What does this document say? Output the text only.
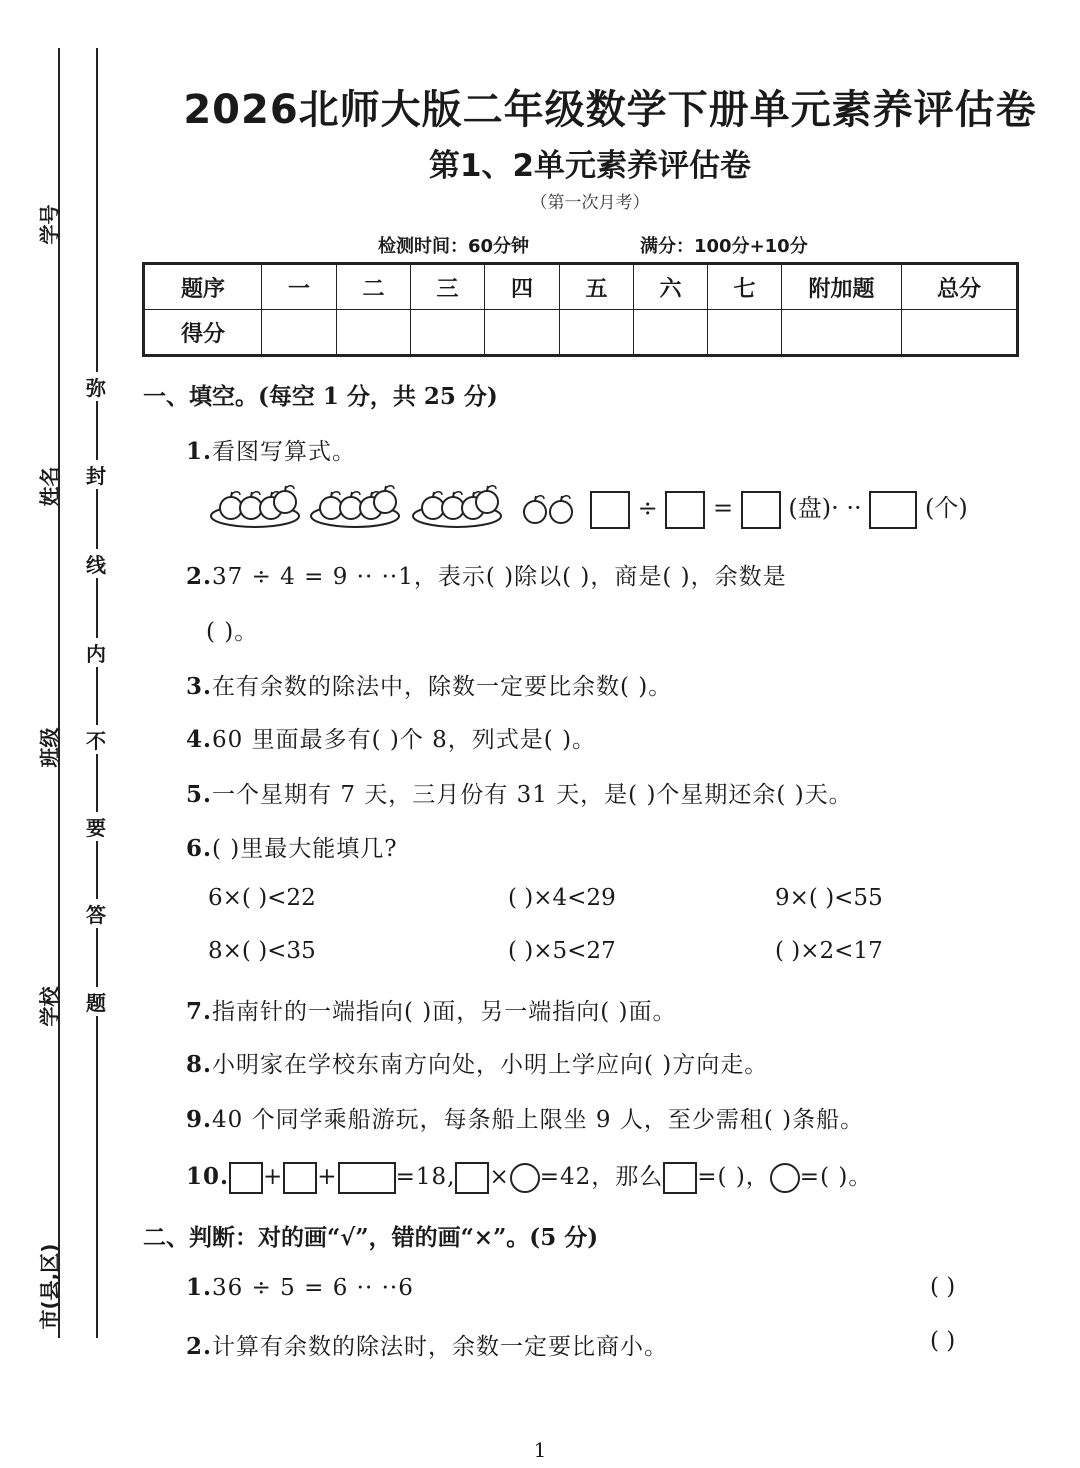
学号
姓名
班级
学校
市(县,区)
弥
封
线
内
不
要
答
题
2026北师大版二年级数学下册单元素养评估卷
第1、2单元素养评估卷
（第一次月考）
检测时间：60分钟	满分：100分+10分
题序	一	二	三	四	五	六	七	附加题	总分
得分									
一、填空。(每空 1 分，共 25 分)
1.看图写算式。
÷ = (盘)· ··	(个)
2.37 ÷ 4 = 9 ·· ··1，表示( )除以( )，商是( )，余数是
( )。
3.在有余数的除法中，除数一定要比余数( )。
4.60 里面最多有( )个 8，列式是( )。
5.一个星期有 7 天，三月份有 31 天，是( )个星期还余( )天。
6.( )里最大能填几?
6×( )<22	( )×4<29	9×( )<55
8×( )<35	( )×5<27	( )×2<17
7.指南针的一端指向( )面，另一端指向( )面。
8.小明家在学校东南方向处，小明上学应向( )方向走。
9.40 个同学乘船游玩，每条船上限坐 9 人，至少需租( )条船。
10. + +	=18, × =42，那么 =( )， =( )。
二、判断：对的画“√”，错的画“×”。(5 分)
1.36 ÷ 5 = 6 ·· ··6	( )
2.计算有余数的除法时，余数一定要比商小。	( )
1
